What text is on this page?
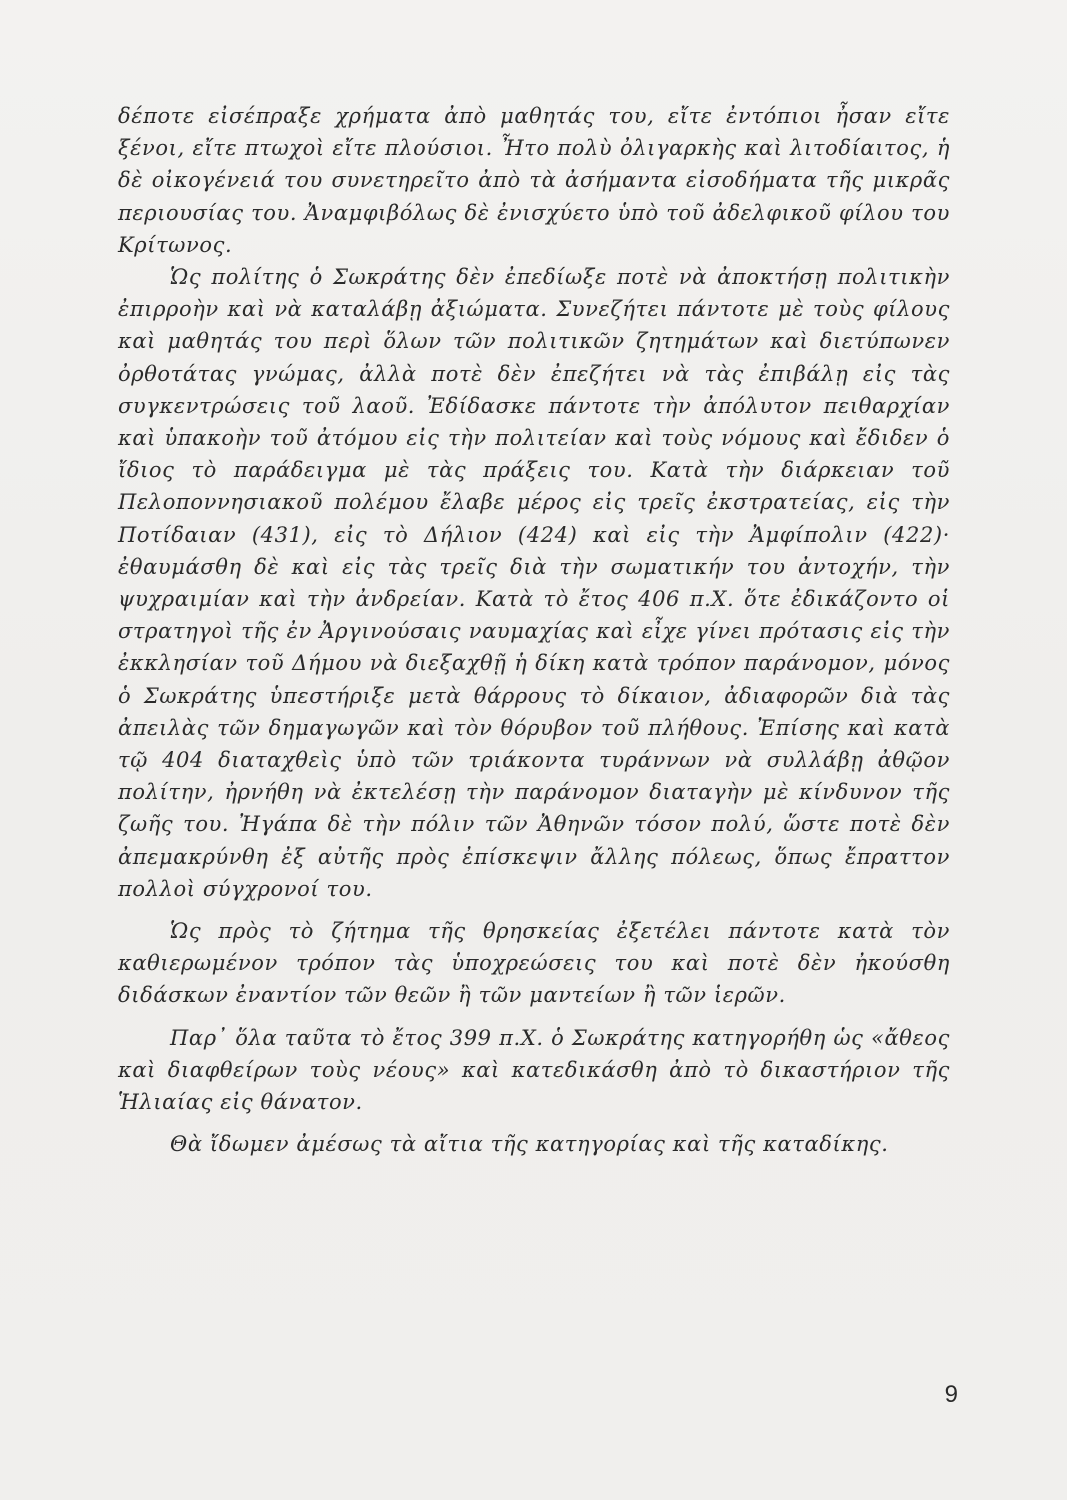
δέποτε εἰσέπραξε χρήματα ἀπὸ μαθητάς του, εἴτε ἐντόπιοι ἦσαν εἴτε ξένοι, εἴτε πτωχοὶ εἴτε πλούσιοι. Ἦτο πολὺ ὀλιγαρκὴς καὶ λιτοδίαιτος, ἡ δὲ οἰκογένειά του συνετηρεῖτο ἀπὸ τὰ ἀσήμαντα εἰσοδήματα τῆς μικρᾶς περιουσίας του. Ἀναμφιβόλως δὲ ἐνισχύετο ὑπὸ τοῦ ἀδελφικοῦ φίλου του Κρίτωνος.

Ὡς πολίτης ὁ Σωκράτης δὲν ἐπεδίωξε ποτὲ νὰ ἀποκτήσῃ πολιτικὴν ἐπιρροὴν καὶ νὰ καταλάβῃ ἀξιώματα. Συνεζήτει πάντοτε μὲ τοὺς φίλους καὶ μαθητάς του περὶ ὅλων τῶν πολιτικῶν ζητημάτων καὶ διετύπωνεν ὀρθοτάτας γνώμας, ἀλλὰ ποτὲ δὲν ἐπεζήτει νὰ τὰς ἐπιβάλῃ εἰς τὰς συγκεντρώσεις τοῦ λαοῦ. Ἐδίδασκε πάντοτε τὴν ἀπόλυτον πειθαρχίαν καὶ ὑπακοὴν τοῦ ἀτόμου εἰς τὴν πολιτείαν καὶ τοὺς νόμους καὶ ἔδιδεν ὁ ἴδιος τὸ παράδειγμα μὲ τὰς πράξεις του. Κατὰ τὴν διάρκειαν τοῦ Πελοποννησιακοῦ πολέμου ἔλαβε μέρος εἰς τρεῖς ἐκστρατείας, εἰς τὴν Ποτίδαιαν (431), εἰς τὸ Δήλιον (424) καὶ εἰς τὴν Ἀμφίπολιν (422)· ἐθαυμάσθη δὲ καὶ εἰς τὰς τρεῖς διὰ τὴν σωματικήν του ἀντοχήν, τὴν ψυχραιμίαν καὶ τὴν ἀνδρείαν. Κατὰ τὸ ἔτος 406 π.Χ. ὅτε ἐδικάζοντο οἱ στρατηγοὶ τῆς ἐν Ἀργινούσαις ναυμαχίας καὶ εἶχε γίνει πρότασις εἰς τὴν ἐκκλησίαν τοῦ Δήμου νὰ διεξαχθῇ ἡ δίκη κατὰ τρόπον παράνομον, μόνος ὁ Σωκράτης ὑπεστήριξε μετὰ θάρρους τὸ δίκαιον, ἀδιαφορῶν διὰ τὰς ἀπειλὰς τῶν δημαγωγῶν καὶ τὸν θόρυβον τοῦ πλήθους. Ἐπίσης καὶ κατὰ τῷ 404 διαταχθεὶς ὑπὸ τῶν τριάκοντα τυράννων νὰ συλλάβῃ ἀθῷον πολίτην, ἠρνήθη νὰ ἐκτελέσῃ τὴν παράνομον διαταγὴν μὲ κίνδυνον τῆς ζωῆς του. Ἠγάπα δὲ τὴν πόλιν τῶν Ἀθηνῶν τόσον πολύ, ὥστε ποτὲ δὲν ἀπεμακρύνθη ἐξ αὐτῆς πρὸς ἐπίσκεψιν ἄλλης πόλεως, ὅπως ἔπραττον πολλοὶ σύγχρονοί του.

Ὡς πρὸς τὸ ζήτημα τῆς θρησκείας ἐξετέλει πάντοτε κατὰ τὸν καθιερωμένον τρόπον τὰς ὑποχρεώσεις του καὶ ποτὲ δὲν ἠκούσθη διδάσκων ἐναντίον τῶν θεῶν ἢ τῶν μαντείων ἢ τῶν ἱερῶν.

Παρ᾽ ὅλα ταῦτα τὸ ἔτος 399 π.Χ. ὁ Σωκράτης κατηγορήθη ὡς «ἄθεος καὶ διαφθείρων τοὺς νέους» καὶ κατεδικάσθη ἀπὸ τὸ δικαστήριον τῆς Ἡλιαίας εἰς θάνατον.

Θὰ ἴδωμεν ἀμέσως τὰ αἴτια τῆς κατηγορίας καὶ τῆς καταδίκης.

9
